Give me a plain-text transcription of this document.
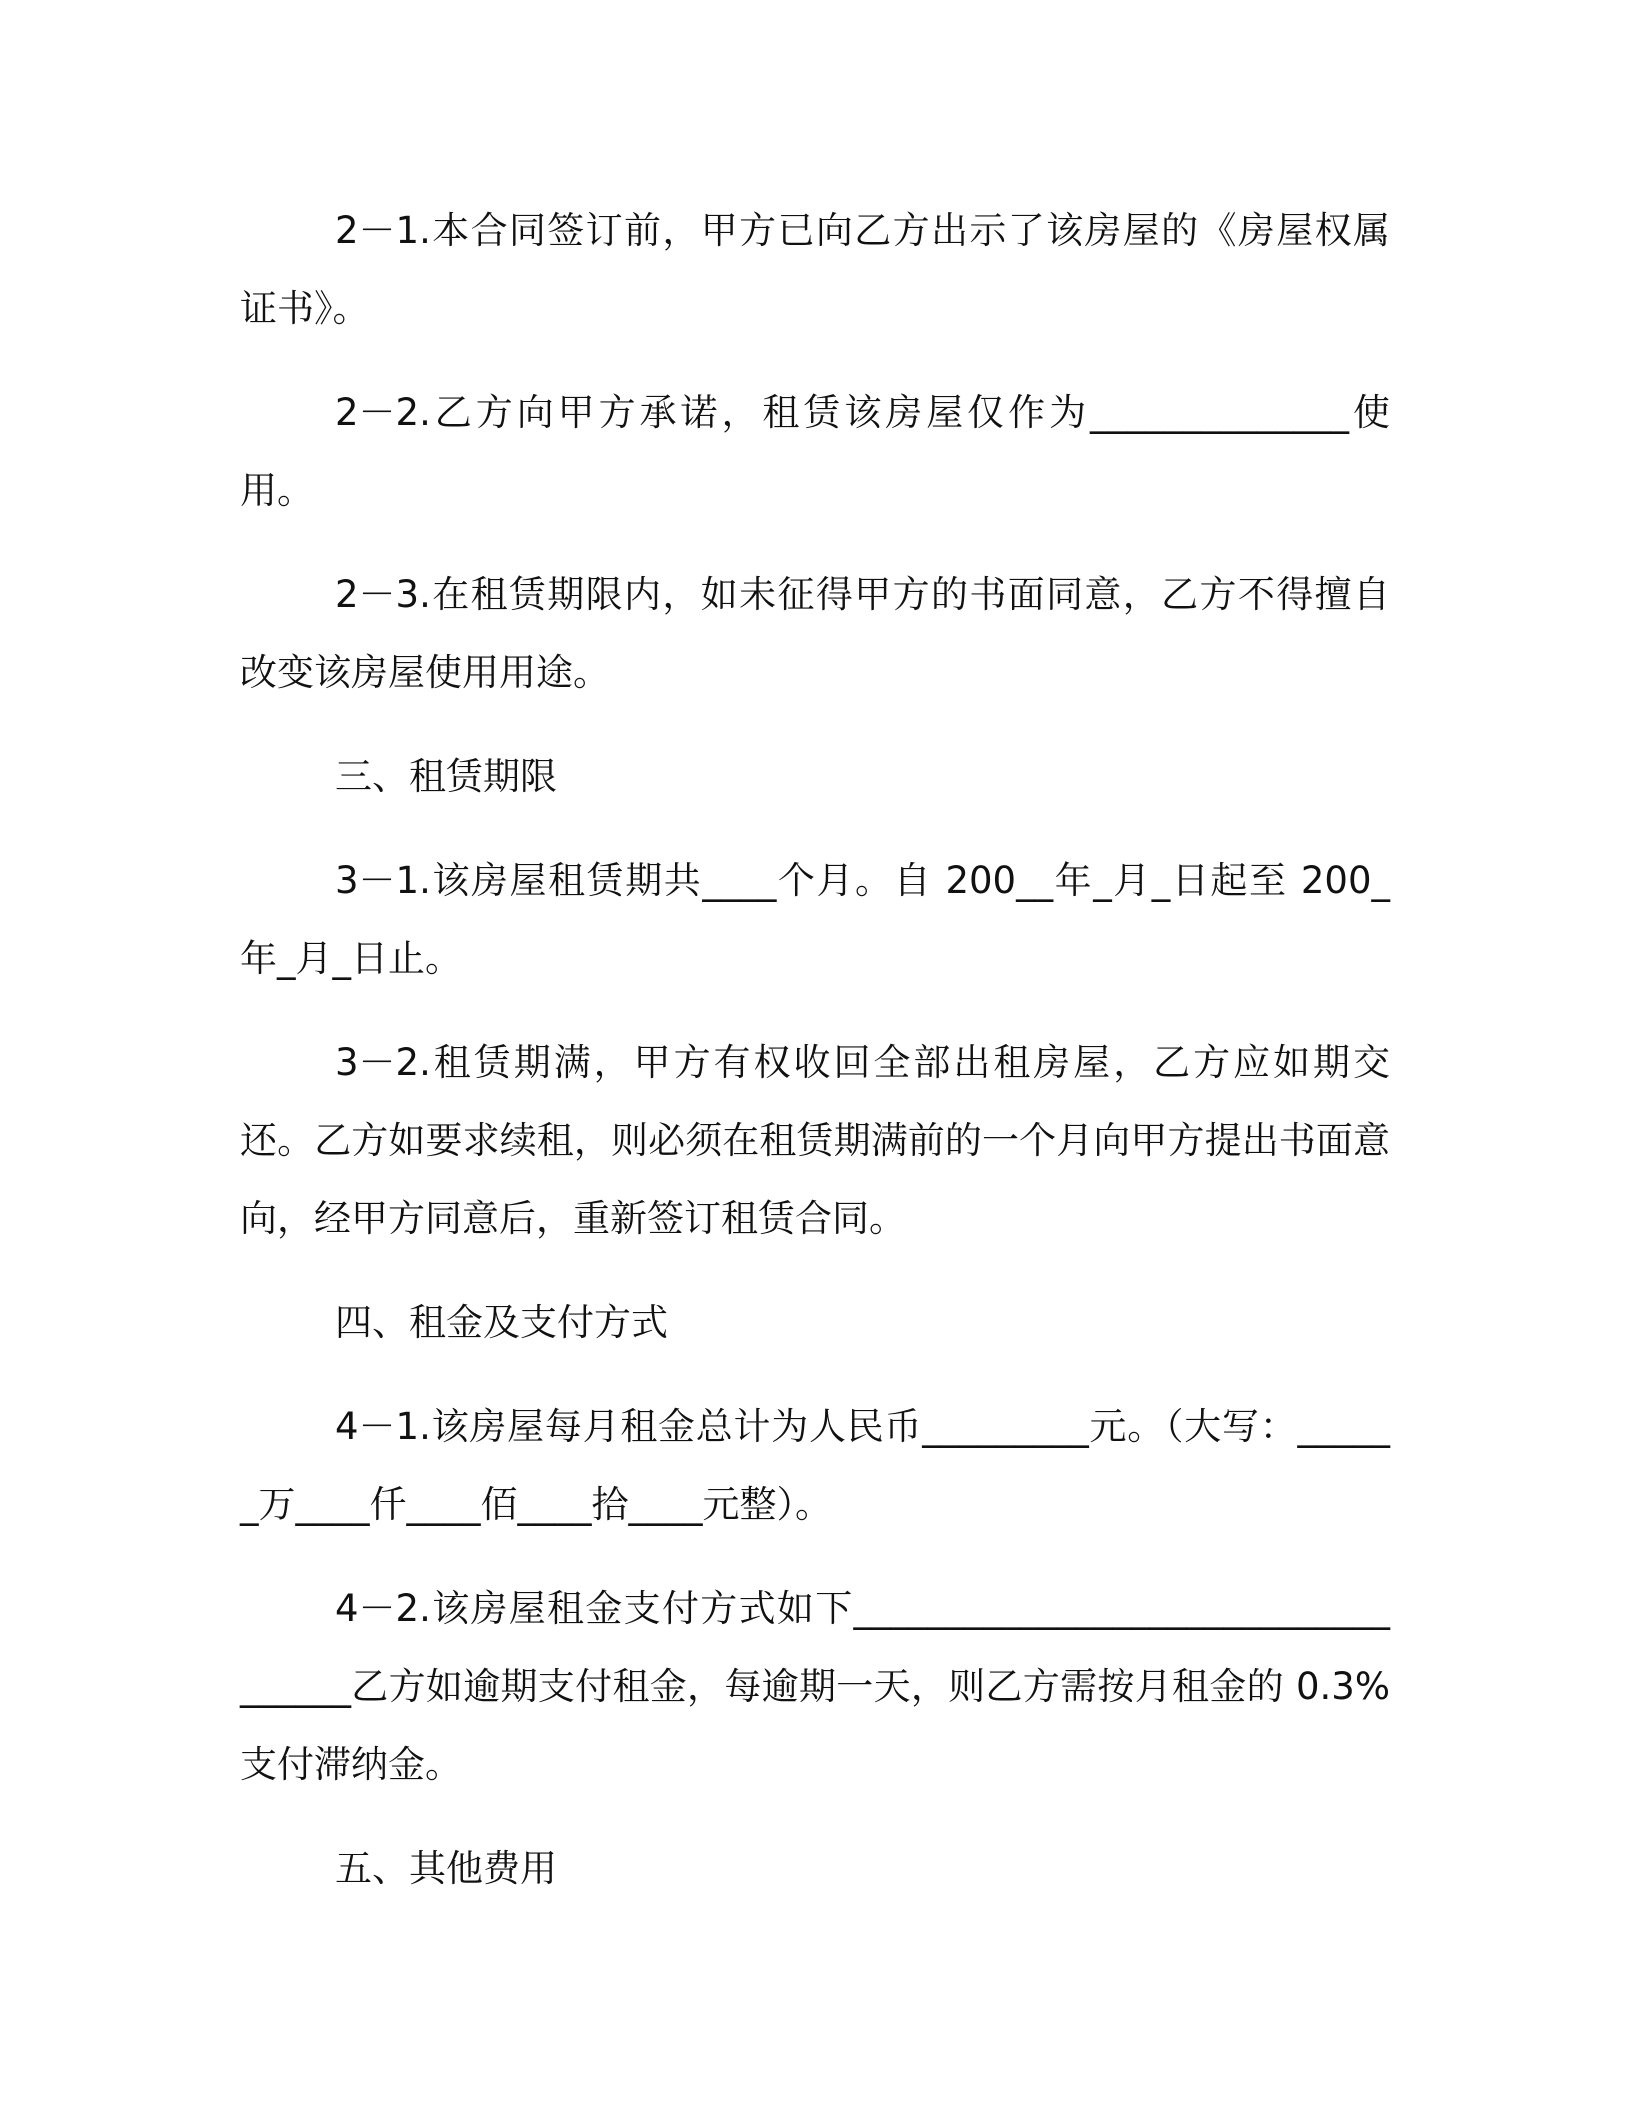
2－1.本合同签订前，甲方已向乙方出示了该房屋的《房屋权属证书》。

2－2.乙方向甲方承诺，租赁该房屋仅作为______________使用。

2－3.在租赁期限内，如未征得甲方的书面同意，乙方不得擅自改变该房屋使用用途。

三、租赁期限

3－1.该房屋租赁期共____个月。自 200__年_月_日起至 200_年_月_日止。

3－2.租赁期满，甲方有权收回全部出租房屋，乙方应如期交还。乙方如要求续租，则必须在租赁期满前的一个月向甲方提出书面意向，经甲方同意后，重新签订租赁合同。

四、租金及支付方式

4－1.该房屋每月租金总计为人民币_________元。（大写：______万____仟____佰____拾____元整）。

4－2.该房屋租金支付方式如下___________________________________乙方如逾期支付租金，每逾期一天，则乙方需按月租金的 0.3%支付滞纳金。

五、其他费用
